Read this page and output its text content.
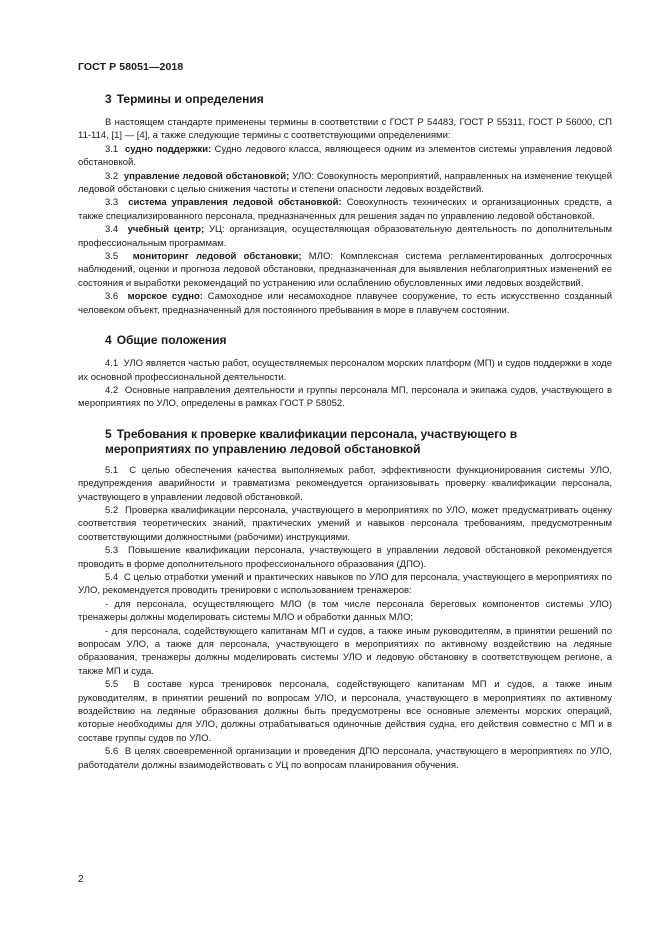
ГОСТ Р 58051—2018
3 Термины и определения

В настоящем стандарте применены термины в соответствии с ГОСТ Р 54483, ГОСТ Р 55311, ГОСТ Р 56000, СП 11-114, [1] — [4], а также следующие термины с соответствующими определениями:

3.1 судно поддержки: Судно ледового класса, являющееся одним из элементов системы управления ледовой обстановкой.

3.2 управление ледовой обстановкой; УЛО: Совокупность мероприятий, направленных на изменение текущей ледовой обстановки с целью снижения частоты и степени опасности ледовых воздействий.

3.3 система управления ледовой обстановкой: Совокупность технических и организационных средств, а также специализированного персонала, предназначенных для решения задач по управлению ледовой обстановкой.

3.4 учебный центр; УЦ: организация, осуществляющая образовательную деятельность по дополнительным профессиональным программам.

3.5 мониторинг ледовой обстановки; МЛО: Комплексная система регламентированных долгосрочных наблюдений, оценки и прогноза ледовой обстановки, предназначенная для выявления неблагоприятных изменений ее состояния и выработки рекомендаций по устранению или ослаблению обусловленных ими ледовых воздействий.

3.6 морское судно: Самоходное или несамоходное плавучее сооружение, то есть искусственно созданный человеком объект, предназначенный для постоянного пребывания в море в плавучем состоянии.

4 Общие положения

4.1 УЛО является частью работ, осуществляемых персоналом морских платформ (МП) и судов поддержки в ходе их основной профессиональной деятельности.

4.2 Основные направления деятельности и группы персонала МП, персонала и экипажа судов, участвующего в мероприятиях по УЛО, определены в рамках ГОСТ Р 58052.

5 Требования к проверке квалификации персонала, участвующего в мероприятиях по управлению ледовой обстановкой

5.1 С целью обеспечения качества выполняемых работ, эффективности функционирования системы УЛО, предупреждения аварийности и травматизма рекомендуется организовывать проверку квалификации персонала, участвующего в управлении ледовой обстановкой.

5.2 Проверка квалификации персонала, участвующего в мероприятиях по УЛО, может предусматривать оценку соответствия теоретических знаний, практических умений и навыков персонала требованиям, предусмотренным соответствующими должностными (рабочими) инструкциями.

5.3 Повышение квалификации персонала, участвующего в управлении ледовой обстановкой рекомендуется проводить в форме дополнительного профессионального образования (ДПО).

5.4 С целью отработки умений и практических навыков по УЛО для персонала, участвующего в мероприятиях по УЛО, рекомендуется проводить тренировки с использованием тренажеров:

- для персонала, осуществляющего МЛО (в том числе персонала береговых компонентов системы УЛО) тренажеры должны моделировать системы МЛО и обработки данных МЛО;

- для персонала, содействующего капитанам МП и судов, а также иным руководителям, в принятии решений по вопросам УЛО, а также для персонала, участвующего в мероприятиях по активному воздействию на ледяные образования, тренажеры должны моделировать системы УЛО и ледовую обстановку в соответствующем регионе, а также МП и суда.

5.5 В составе курса тренировок персонала, содействующего капитанам МП и судов, а также иным руководителям, в принятии решений по вопросам УЛО, и персонала, участвующего в мероприятиях по активному воздействию на ледяные образования должны быть предусмотрены все основные элементы морских операций, которые необходимы для УЛО, должны отрабатываться одиночные действия судна, его действия совместно с МП и в составе группы судов по УЛО.

5.6 В целях своевременной организации и проведения ДПО персонала, участвующего в мероприятиях по УЛО, работодатели должны взаимодействовать с УЦ по вопросам планирования обучения.

2
